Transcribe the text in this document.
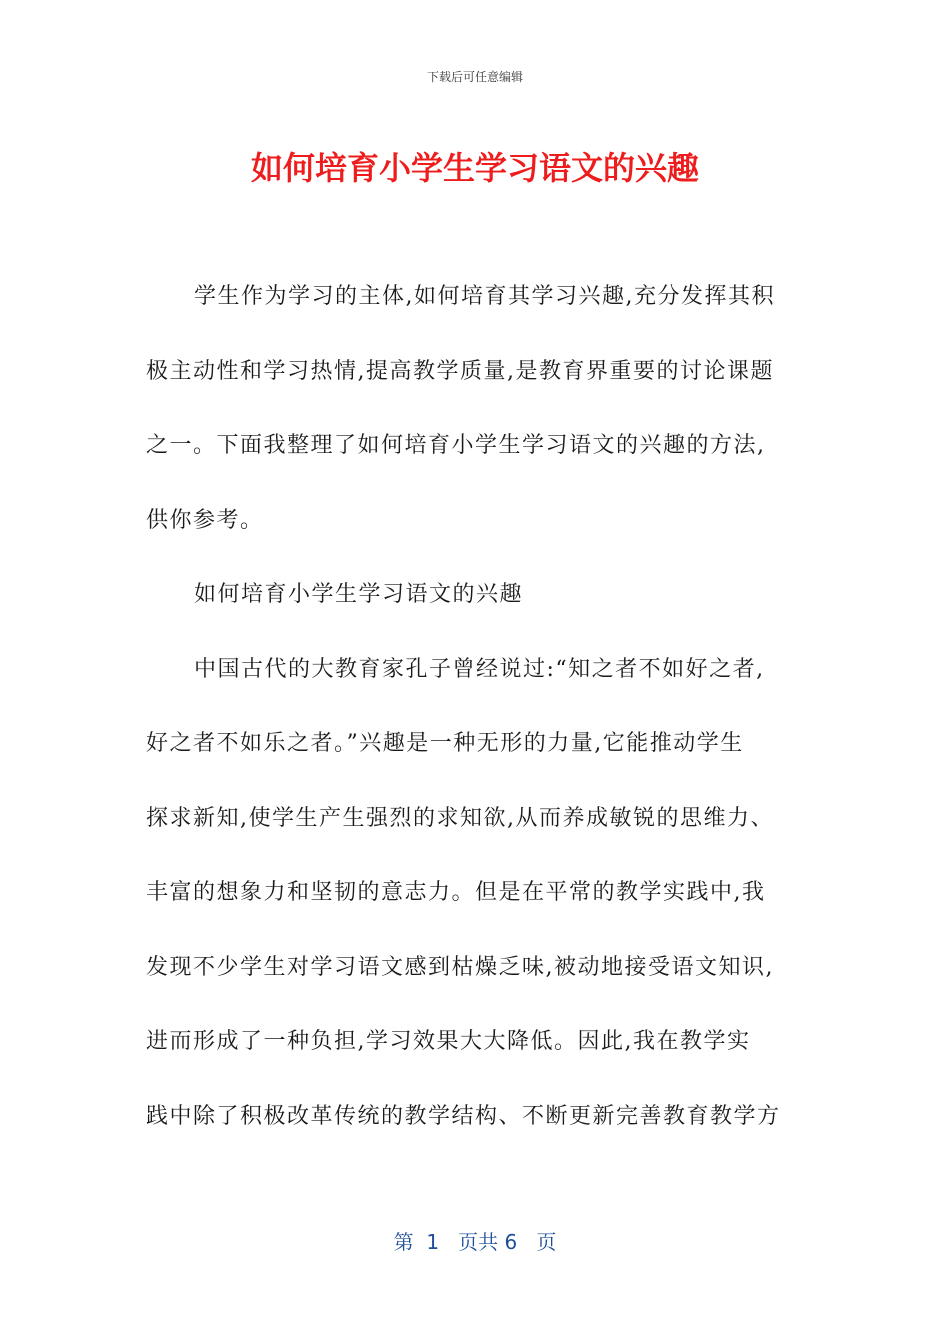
下载后可任意编辑
如何培育小学生学习语文的兴趣
学生作为学习的主体,如何培育其学习兴趣,充分发挥其积
极主动性和学习热情,提高教学质量,是教育界重要的讨论课题
之一。下面我整理了如何培育小学生学习语文的兴趣的方法,
供你参考。
如何培育小学生学习语文的兴趣
中国古代的大教育家孔子曾经说过:“知之者不如好之者,
好之者不如乐之者。”兴趣是一种无形的力量,它能推动学生
探求新知,使学生产生强烈的求知欲,从而养成敏锐的思维力、
丰富的想象力和坚韧的意志力。但是在平常的教学实践中,我
发现不少学生对学习语文感到枯燥乏味,被动地接受语文知识,
进而形成了一种负担,学习效果大大降低。因此,我在教学实
践中除了积极改革传统的教学结构、不断更新完善教育教学方
第  1   页共 6   页
